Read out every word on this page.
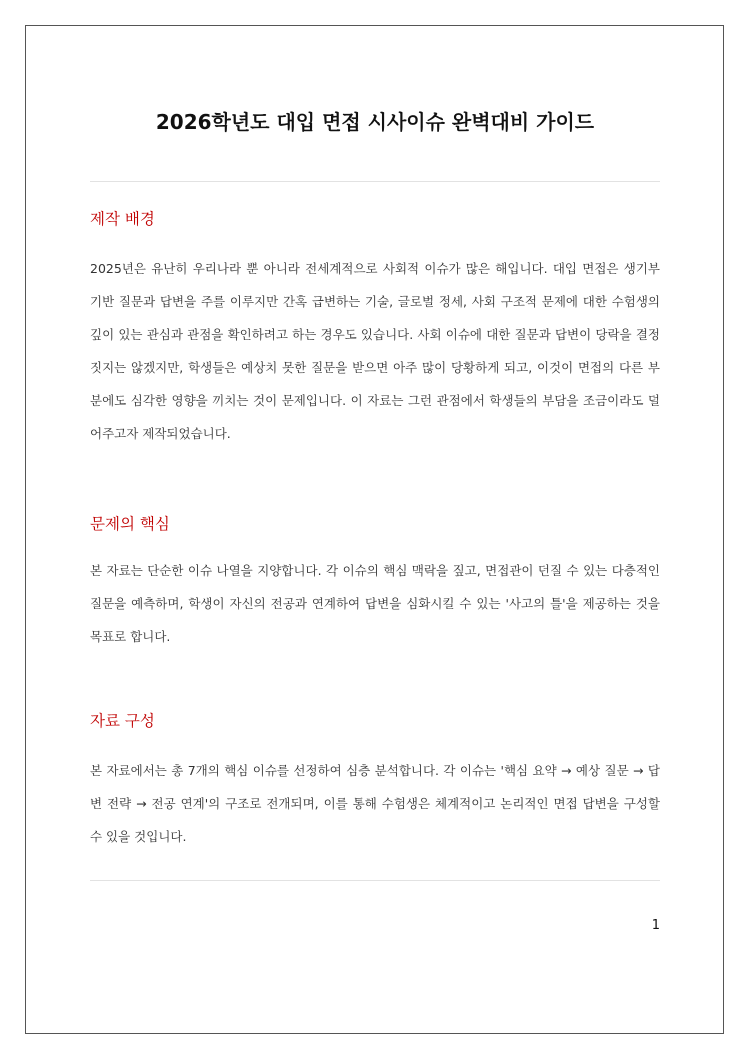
2026학년도 대입 면접 시사이슈 완벽대비 가이드
제작 배경

2025년은 유난히 우리나라 뿐 아니라 전세계적으로 사회적 이슈가 많은 해입니다. 대입 면접은 생기부 기반 질문과 답변을 주를 이루지만 간혹 급변하는 기술, 글로벌 정세, 사회 구조적 문제에 대한 수험생의 깊이 있는 관심과 관점을 확인하려고 하는 경우도 있습니다. 사회 이슈에 대한 질문과 답변이 당락을 결정짓지는 않겠지만, 학생들은 예상치 못한 질문을 받으면 아주 많이 당황하게 되고, 이것이 면접의 다른 부분에도 심각한 영향을 끼치는 것이 문제입니다. 이 자료는 그런 관점에서 학생들의 부담을 조금이라도 덜어주고자 제작되었습니다.

문제의 핵심

본 자료는 단순한 이슈 나열을 지양합니다. 각 이슈의 핵심 맥락을 짚고, 면접관이 던질 수 있는 다층적인 질문을 예측하며, 학생이 자신의 전공과 연계하여 답변을 심화시킬 수 있는 '사고의 틀'을 제공하는 것을 목표로 합니다.

자료 구성

본 자료에서는 총 7개의 핵심 이슈를 선정하여 심층 분석합니다. 각 이슈는 '핵심 요약 → 예상 질문 → 답변 전략 → 전공 연계'의 구조로 전개되며, 이를 통해 수험생은 체계적이고 논리적인 면접 답변을 구성할 수 있을 것입니다.

1
